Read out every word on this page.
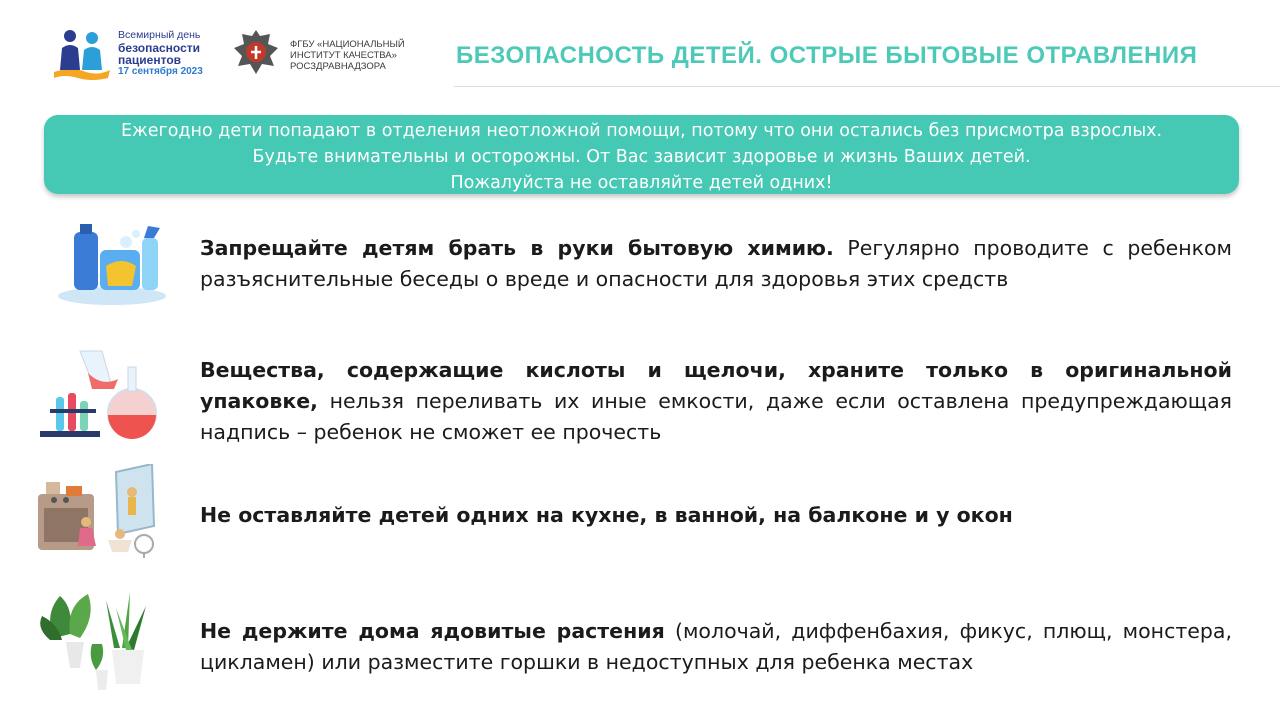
Всемирный день
безопасности
пациентов
17 сентября 2023
ФГБУ «НАЦИОНАЛЬНЫЙ
ИНСТИТУТ КАЧЕСТВА»
РОСЗДРАВНАДЗОРА	БЕЗОПАСНОСТЬ ДЕТЕЙ. ОСТРЫЕ БЫТОВЫЕ ОТРАВЛЕНИЯ
Ежегодно дети попадают в отделения неотложной помощи, потому что они остались без присмотра взрослых.
Будьте внимательны и осторожны. От Вас зависит здоровье и жизнь Ваших детей.
Пожалуйста не оставляйте детей одних!
Запрещайте детям брать в руки бытовую химию. Регулярно проводите с ребенком разъяснительные беседы о вреде и опасности для здоровья этих средств
Вещества, содержащие кислоты и щелочи, храните только в оригинальной упаковке, нельзя переливать их иные емкости, даже если оставлена предупреждающая надпись – ребенок не сможет ее прочесть
Не оставляйте детей одних на кухне, в ванной, на балконе и у окон
Не держите дома ядовитые растения (молочай, диффенбахия, фикус, плющ, монстера, цикламен) или разместите горшки в недоступных для ребенка местах
